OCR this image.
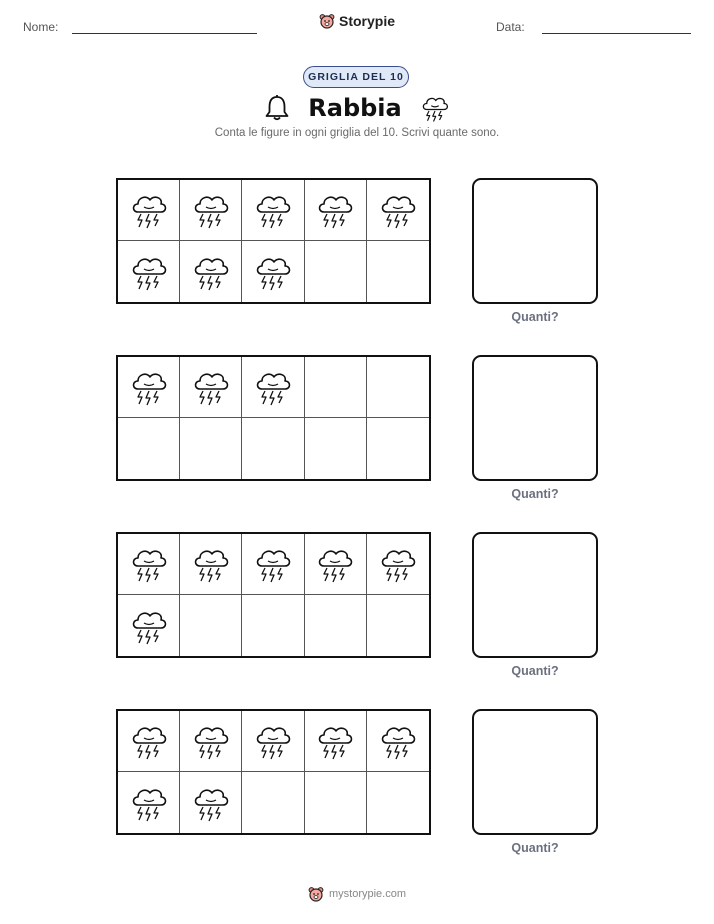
Nome:	Storypie	Data:
GRIGLIA DEL 10
Rabbia
Conta le figure in ogni griglia del 10. Scrivi quante sono.
Quanti?
Quanti?
Quanti?
Quanti?
mystorypie.com
